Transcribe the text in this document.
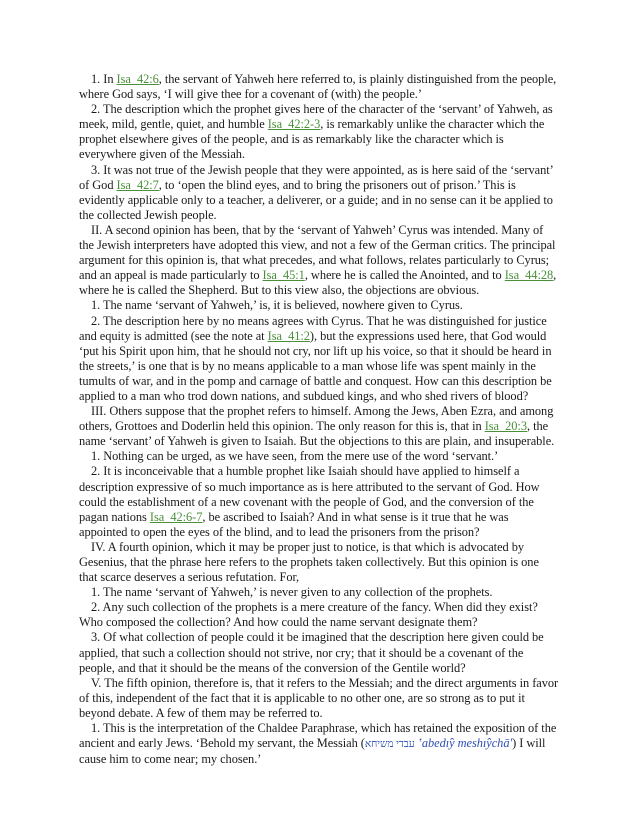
1. In Isa_42:6, the servant of Yahweh here referred to, is plainly distinguished from the people, where God says, ‘I will give thee for a covenant of (with) the people.’

2. The description which the prophet gives here of the character of the ‘servant’ of Yahweh, as meek, mild, gentle, quiet, and humble Isa_42:2-3, is remarkably unlike the character which the prophet elsewhere gives of the people, and is as remarkably like the character which is everywhere given of the Messiah.

3. It was not true of the Jewish people that they were appointed, as is here said of the ‘servant’ of God Isa_42:7, to ‘open the blind eyes, and to bring the prisoners out of prison.’ This is evidently applicable only to a teacher, a deliverer, or a guide; and in no sense can it be applied to the collected Jewish people.

II. A second opinion has been, that by the ‘servant of Yahweh’ Cyrus was intended. Many of the Jewish interpreters have adopted this view, and not a few of the German critics. The principal argument for this opinion is, that what precedes, and what follows, relates particularly to Cyrus; and an appeal is made particularly to Isa_45:1, where he is called the Anointed, and to Isa_44:28, where he is called the Shepherd. But to this view also, the objections are obvious.

1. The name ‘servant of Yahweh,’ is, it is believed, nowhere given to Cyrus.

2. The description here by no means agrees with Cyrus. That he was distinguished for justice and equity is admitted (see the note at Isa_41:2), but the expressions used here, that God would ‘put his Spirit upon him, that he should not cry, nor lift up his voice, so that it should be heard in the streets,’ is one that is by no means applicable to a man whose life was spent mainly in the tumults of war, and in the pomp and carnage of battle and conquest. How can this description be applied to a man who trod down nations, and subdued kings, and who shed rivers of blood?

III. Others suppose that the prophet refers to himself. Among the Jews, Aben Ezra, and among others, Grottoes and Doderlin held this opinion. The only reason for this is, that in Isa_20:3, the name ‘servant’ of Yahweh is given to Isaiah. But the objections to this are plain, and insuperable.

1. Nothing can be urged, as we have seen, from the mere use of the word ‘servant.’

2. It is inconceivable that a humble prophet like Isaiah should have applied to himself a description expressive of so much importance as is here attributed to the servant of God. How could the establishment of a new covenant with the people of God, and the conversion of the pagan nations Isa_42:6-7, be ascribed to Isaiah? And in what sense is it true that he was appointed to open the eyes of the blind, and to lead the prisoners from the prison?

IV. A fourth opinion, which it may be proper just to notice, is that which is advocated by Gesenius, that the phrase here refers to the prophets taken collectively. But this opinion is one that scarce deserves a serious refutation. For,

1. The name ‘servant of Yahweh,’ is never given to any collection of the prophets.

2. Any such collection of the prophets is a mere creature of the fancy. When did they exist? Who composed the collection? And how could the name servant designate them?

3. Of what collection of people could it be imagined that the description here given could be applied, that such a collection should not strive, nor cry; that it should be a covenant of the people, and that it should be the means of the conversion of the Gentile world?

V. The fifth opinion, therefore is, that it refers to the Messiah; and the direct arguments in favor of this, independent of the fact that it is applicable to no other one, are so strong as to put it beyond debate. A few of them may be referred to.

1. This is the interpretation of the Chaldee Paraphrase, which has retained the exposition of the ancient and early Jews. ‘Behold my servant, the Messiah (עבדי משיחא ‛abedı̂y meshı̂ychā') I will cause him to come near; my chosen.’
